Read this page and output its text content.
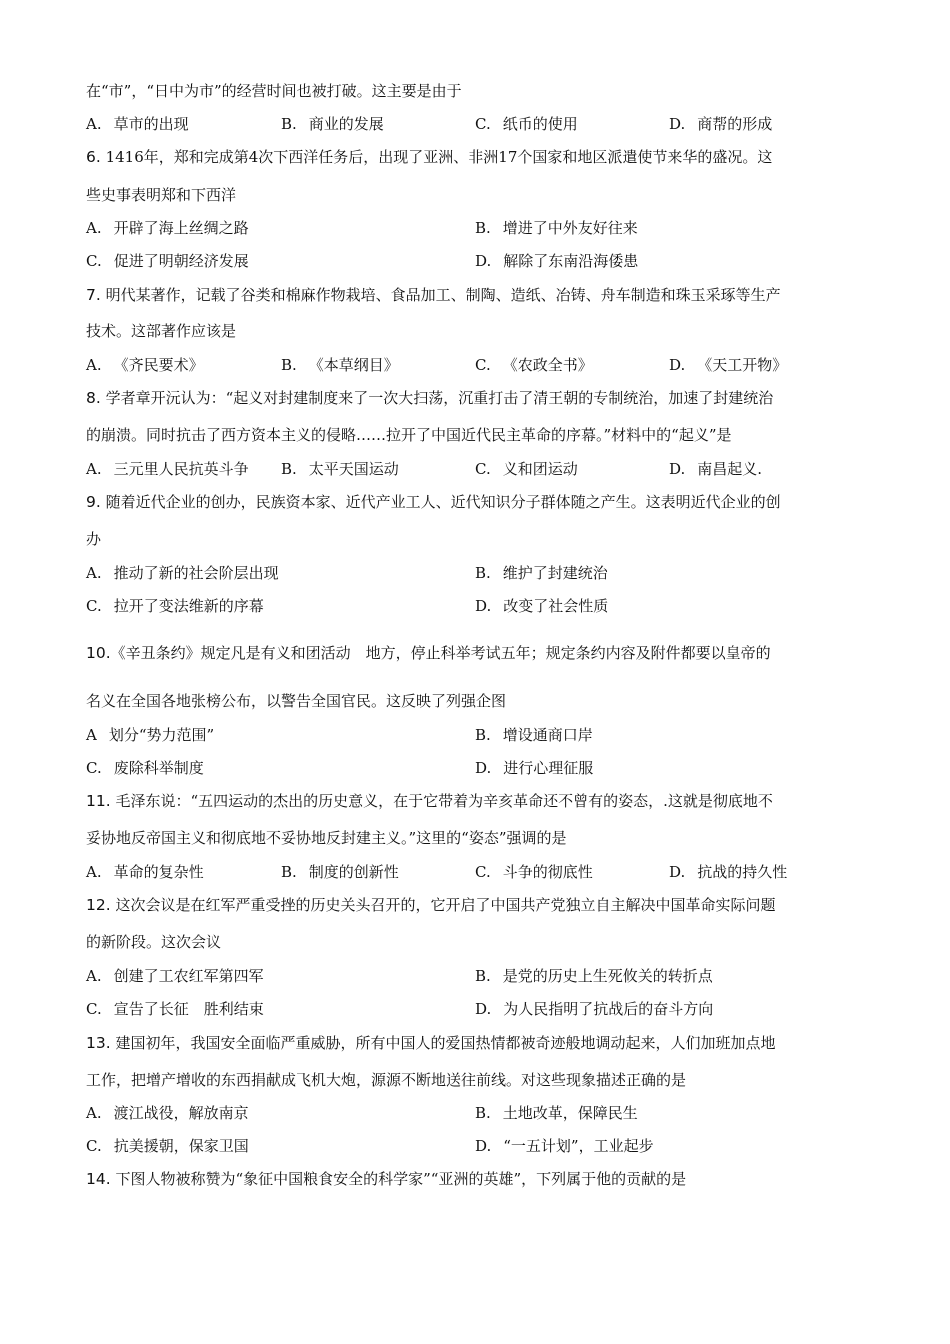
在“市”，“日中为市”的经营时间也被打破。这主要是由于
A. 草市的出现	B. 商业的发展	C. 纸币的使用	D. 商帮的形成
6. 1416年，郑和完成第4次下西洋任务后，出现了亚洲、非洲17个国家和地区派遣使节来华的盛况。这
些史事表明郑和下西洋
A. 开辟了海上丝绸之路	B. 增进了中外友好往来
C. 促进了明朝经济发展	D. 解除了东南沿海倭患
7. 明代某著作，记载了谷类和棉麻作物栽培、食品加工、制陶、造纸、冶铸、舟车制造和珠玉采琢等生产
技术。这部著作应该是
A. 《齐民要术》	B. 《本草纲目》	C. 《农政全书》	D. 《天工开物》
8. 学者章开沅认为：“起义对封建制度来了一次大扫荡，沉重打击了清王朝的专制统治，加速了封建统治
的崩溃。同时抗击了西方资本主义的侵略……拉开了中国近代民主革命的序幕。”材料中的“起义”是
A. 三元里人民抗英斗争 B. 太平天国运动	C. 义和团运动	D. 南昌起义.
9. 随着近代企业的创办，民族资本家、近代产业工人、近代知识分子群体随之产生。这表明近代企业的创
办
A. 推动了新的社会阶层出现	B. 维护了封建统治
C. 拉开了变法维新的序幕	D. 改变了社会性质
10.《辛丑条约》规定凡是有义和团活动　地方，停止科举考试五年；规定条约内容及附件都要以皇帝的
名义在全国各地张榜公布，以警告全国官民。这反映了列强企图
A 划分“势力范围”	B. 增设通商口岸
C. 废除科举制度	D. 进行心理征服
11. 毛泽东说：“五四运动的杰出的历史意义，在于它带着为辛亥革命还不曾有的姿态，.这就是彻底地不
妥协地反帝国主义和彻底地不妥协地反封建主义。”这里的“姿态”强调的是
A. 革命的复杂性	B. 制度的创新性	C. 斗争的彻底性	D. 抗战的持久性
12. 这次会议是在红军严重受挫的历史关头召开的，它开启了中国共产党独立自主解决中国革命实际问题
的新阶段。这次会议
A. 创建了工农红军第四军	B. 是党的历史上生死攸关的转折点
C. 宣告了长征　胜利结束	D. 为人民指明了抗战后的奋斗方向
13. 建国初年，我国安全面临严重威胁，所有中国人的爱国热情都被奇迹般地调动起来，人们加班加点地
工作，把增产增收的东西捐献成飞机大炮，源源不断地送往前线。对这些现象描述正确的是
A. 渡江战役，解放南京	B. 土地改革，保障民生
C. 抗美援朝，保家卫国	D. “一五计划”，工业起步
14. 下图人物被称赞为“象征中国粮食安全的科学家”“亚洲的英雄”，下列属于他的贡献的是
